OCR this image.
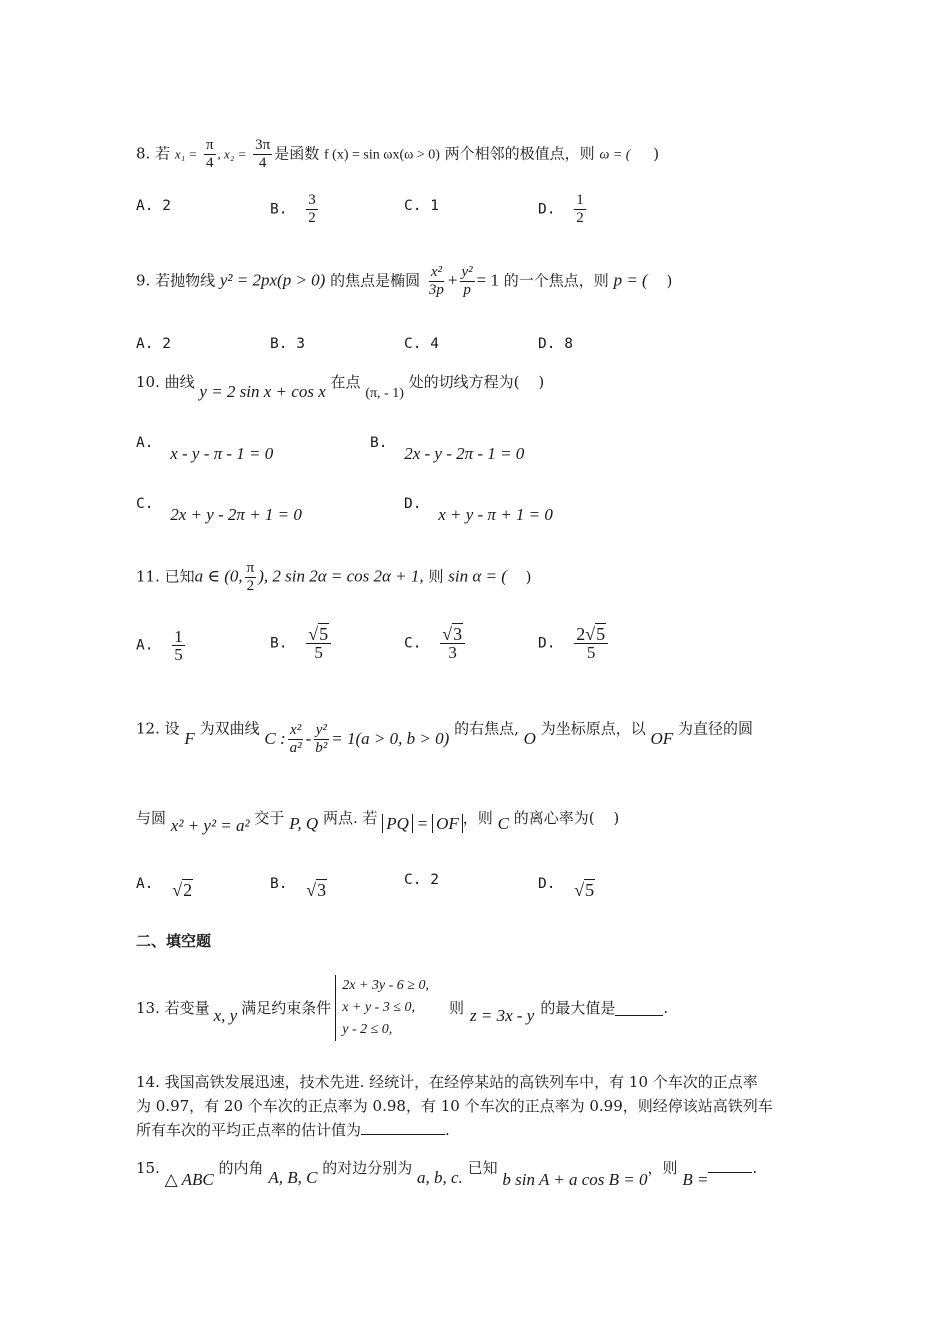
8. 若 $x_1 = \frac{\pi}{4}$ , $x_2 = \frac{3\pi}{4}$ 是函数 f (x) = sin ωx(ω > 0) 两个相邻的极值点，则 ω = ( )
A. 2	B. $\frac{3}{2}$	C. 1	D. $\frac{1}{2}$
9. 若抛物线 y² = 2px(p > 0) 的焦点是椭圆 $\frac{\text{x²}}{3p} + \frac{\text{y²}}{p} = 1$ 的一个焦点，则 p = ( )
A. 2	B. 3	C. 4	D. 8
10. 曲线 y = 2 sin x + cos x 在点 (π, - 1) 处的切线方程为( )
A. x - y - π - 1 = 0
B. 2x - y - 2π - 1 = 0
C. 2x + y - 2π + 1 = 0
D. x + y - π + 1 = 0
11. 已知a ∈ (0, $\frac{\pi}{2}$ ), 2 sin 2α = cos 2α + 1, 则 sin α = ( )
A. $\frac{1}{5}$	B. $\frac{√5}{5}$	C. $\frac{√3}{3}$	D. $\frac{2√5}{5}$
12. 设 F 为双曲线 C : $\frac{\text{x²}}{\text{a²}} - \frac{\text{y²}}{\text{b²}} = 1(a > 0$, b > 0) 的右焦点, O 为坐标原点，以 OF 为直径的圆
与圆 x² + y² = a² 交于 P, Q 两点. 若 PQ = OF ，则 C 的离心率为( )
A. √2	B. √3	C. 2	D. √5
二、填空题
13. 若变量 x, y 满足约束条件
2x + 3y - 6 ≥ 0,
x + y - 3 ≤ 0,
y - 2 ≤ 0,
则 z = 3x - y 的最大值是	.
14. 我国高铁发展迅速，技术先进. 经统计，在经停某站的高铁列车中，有 10 个车次的正点率
为 0.97，有 20 个车次的正点率为 0.98，有 10 个车次的正点率为 0.99，则经停该站高铁列车
所有车次的平均正点率的估计值为	.
15. △ ABC 的内角 A, B, C 的对边分别为 a, b, c. 已知 b sin A + a cos B = 0，则 B =.
